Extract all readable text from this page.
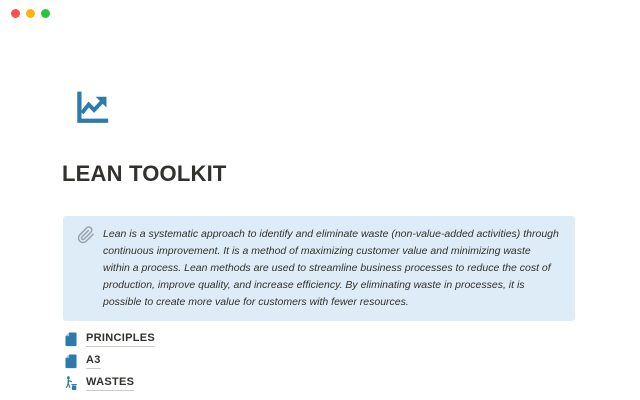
LEAN TOOLKIT

Lean is a systematic approach to identify and eliminate waste (non-value-added activities) through continuous improvement. It is a method of maximizing customer value and minimizing waste within a process. Lean methods are used to streamline business processes to reduce the cost of production, improve quality, and increase efficiency. By eliminating waste in processes, it is possible to create more value for customers with fewer resources.

PRINCIPLES
A3
WASTES
